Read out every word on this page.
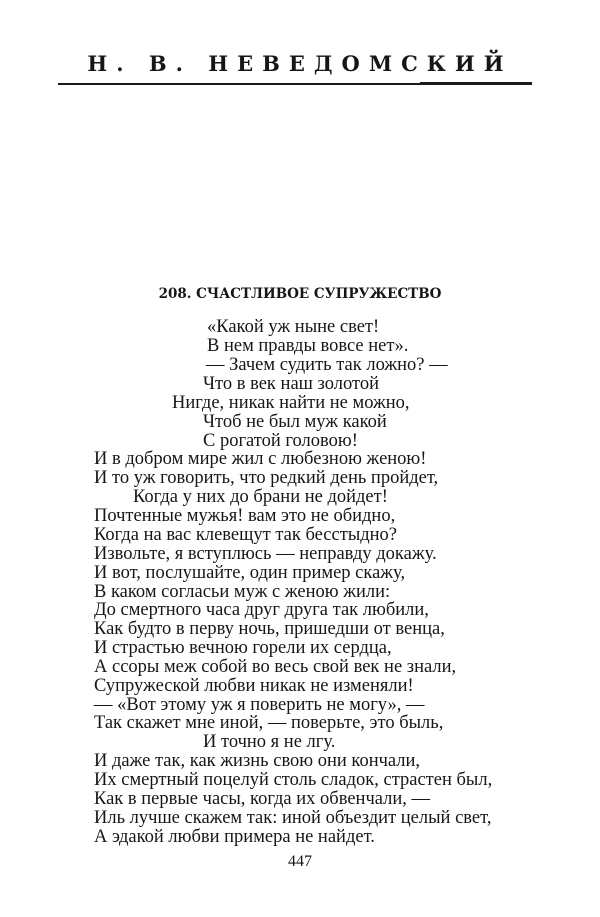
Н. В. НЕВЕДОМСКИЙ
208. СЧАСТЛИВОЕ СУПРУЖЕСТВО
«Какой уж ныне свет!
В нем правды вовсе нет».
— Зачем судить так ложно? —
Что в век наш золотой
Нигде, никак найти не можно,
Чтоб не был муж какой
С рогатой головою!
И в добром мире жил с любезною женою!
И то уж говорить, что редкий день пройдет,
Когда у них до брани не дойдет!
Почтенные мужья! вам это не обидно,
Когда на вас клевещут так бесстыдно?
Извольте, я вступлюсь — неправду докажу.
И вот, послушайте, один пример скажу,
В каком согласьи муж с женою жили:
До смертного часа друг друга так любили,
Как будто в перву ночь, пришедши от венца,
И страстью вечною горели их сердца,
А ссоры меж собой во весь свой век не знали,
Супружеской любви никак не изменяли!
— «Вот этому уж я поверить не могу», —
Так скажет мне иной, — поверьте, это быль,
И точно я не лгу.
И даже так, как жизнь свою они кончали,
Их смертный поцелуй столь сладок, страстен был,
Как в первые часы, когда их обвенчали, —
Иль лучше скажем так: иной объездит целый свет,
А эдакой любви примера не найдет.
447
